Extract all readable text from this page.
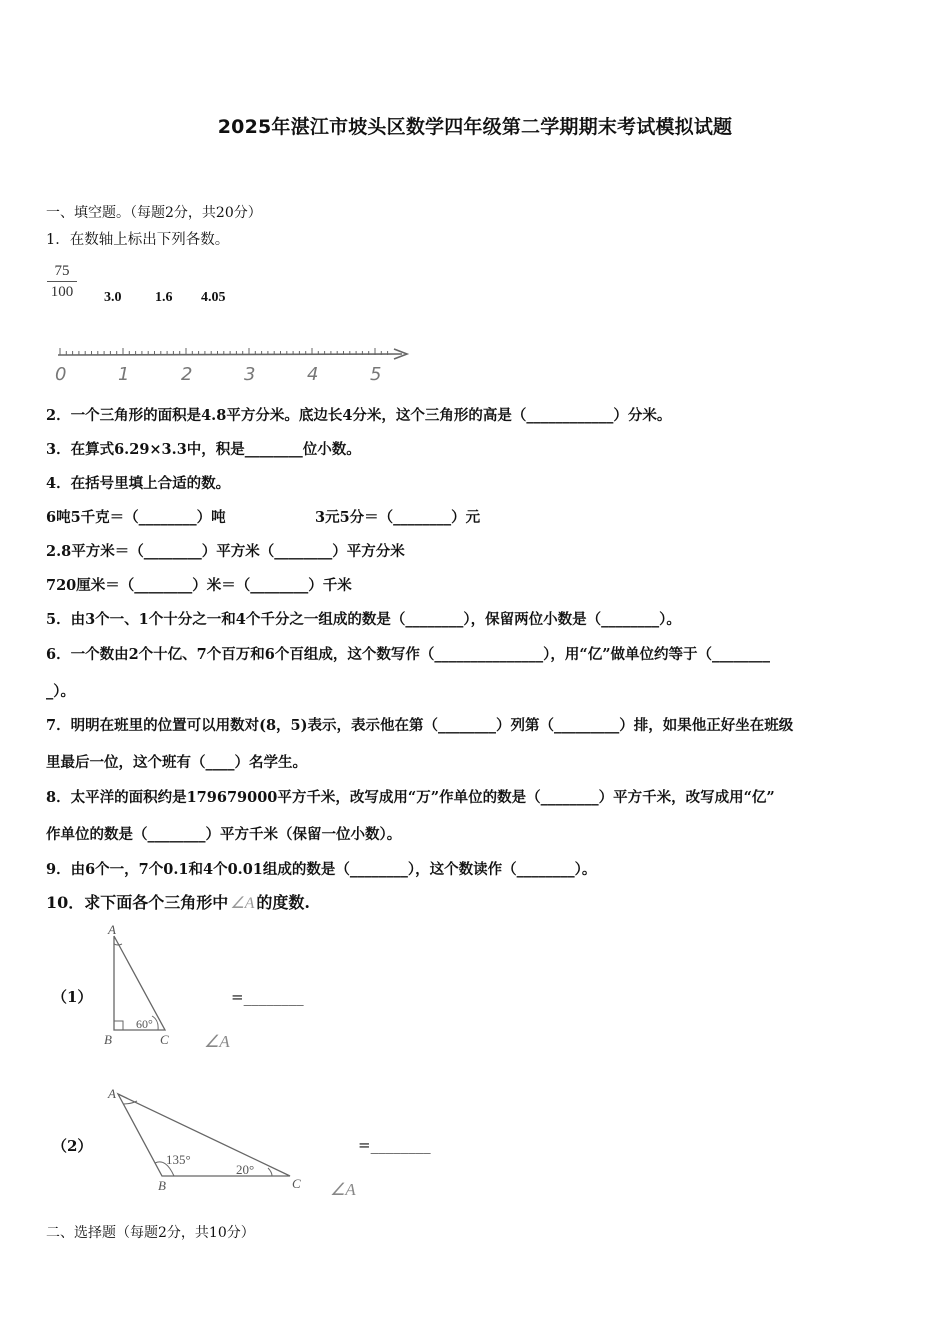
2025年湛江市坡头区数学四年级第二学期期末考试模拟试题
一、填空题。（每题2分，共20分）
1．在数轴上标出下列各数。
75
100 3.0 1.6 4.05
0	1	2	3	4	5
2．一个三角形的面积是4.8平方分米。底边长4分米，这个三角形的高是（____________）分米。
3．在算式6.29×3.3中，积是________位小数。
4．在括号里填上合适的数。
6吨5千克＝（________）吨	3元5分＝（________）元
2.8平方米＝（________）平方米（________）平方分米
720厘米＝（________）米＝（________）千米
5．由3个一、1个十分之一和4个千分之一组成的数是（________），保留两位小数是（________）。
6．一个数由2个十亿、7个百万和6个百组成，这个数写作（_______________），用“亿”做单位约等于（________
_）。
7．明明在班里的位置可以用数对(8，5)表示，表示他在第（________）列第（_________）排，如果他正好坐在班级
里最后一位，这个班有（____）名学生。
8．太平洋的面积约是179679000平方千米，改写成用“万”作单位的数是（________）平方千米，改写成用“亿”
作单位的数是（________）平方千米（保留一位小数）。
9．由6个一，7个0.1和4个0.01组成的数是（________），这个数读作（________）。
10．求下面各个三角形中 ∠A 的度数.
（1）
A
B	C
60°
∠A
=________
（2）
A
B	C
135°
20°
∠A
=________
二、选择题（每题2分，共10分）
